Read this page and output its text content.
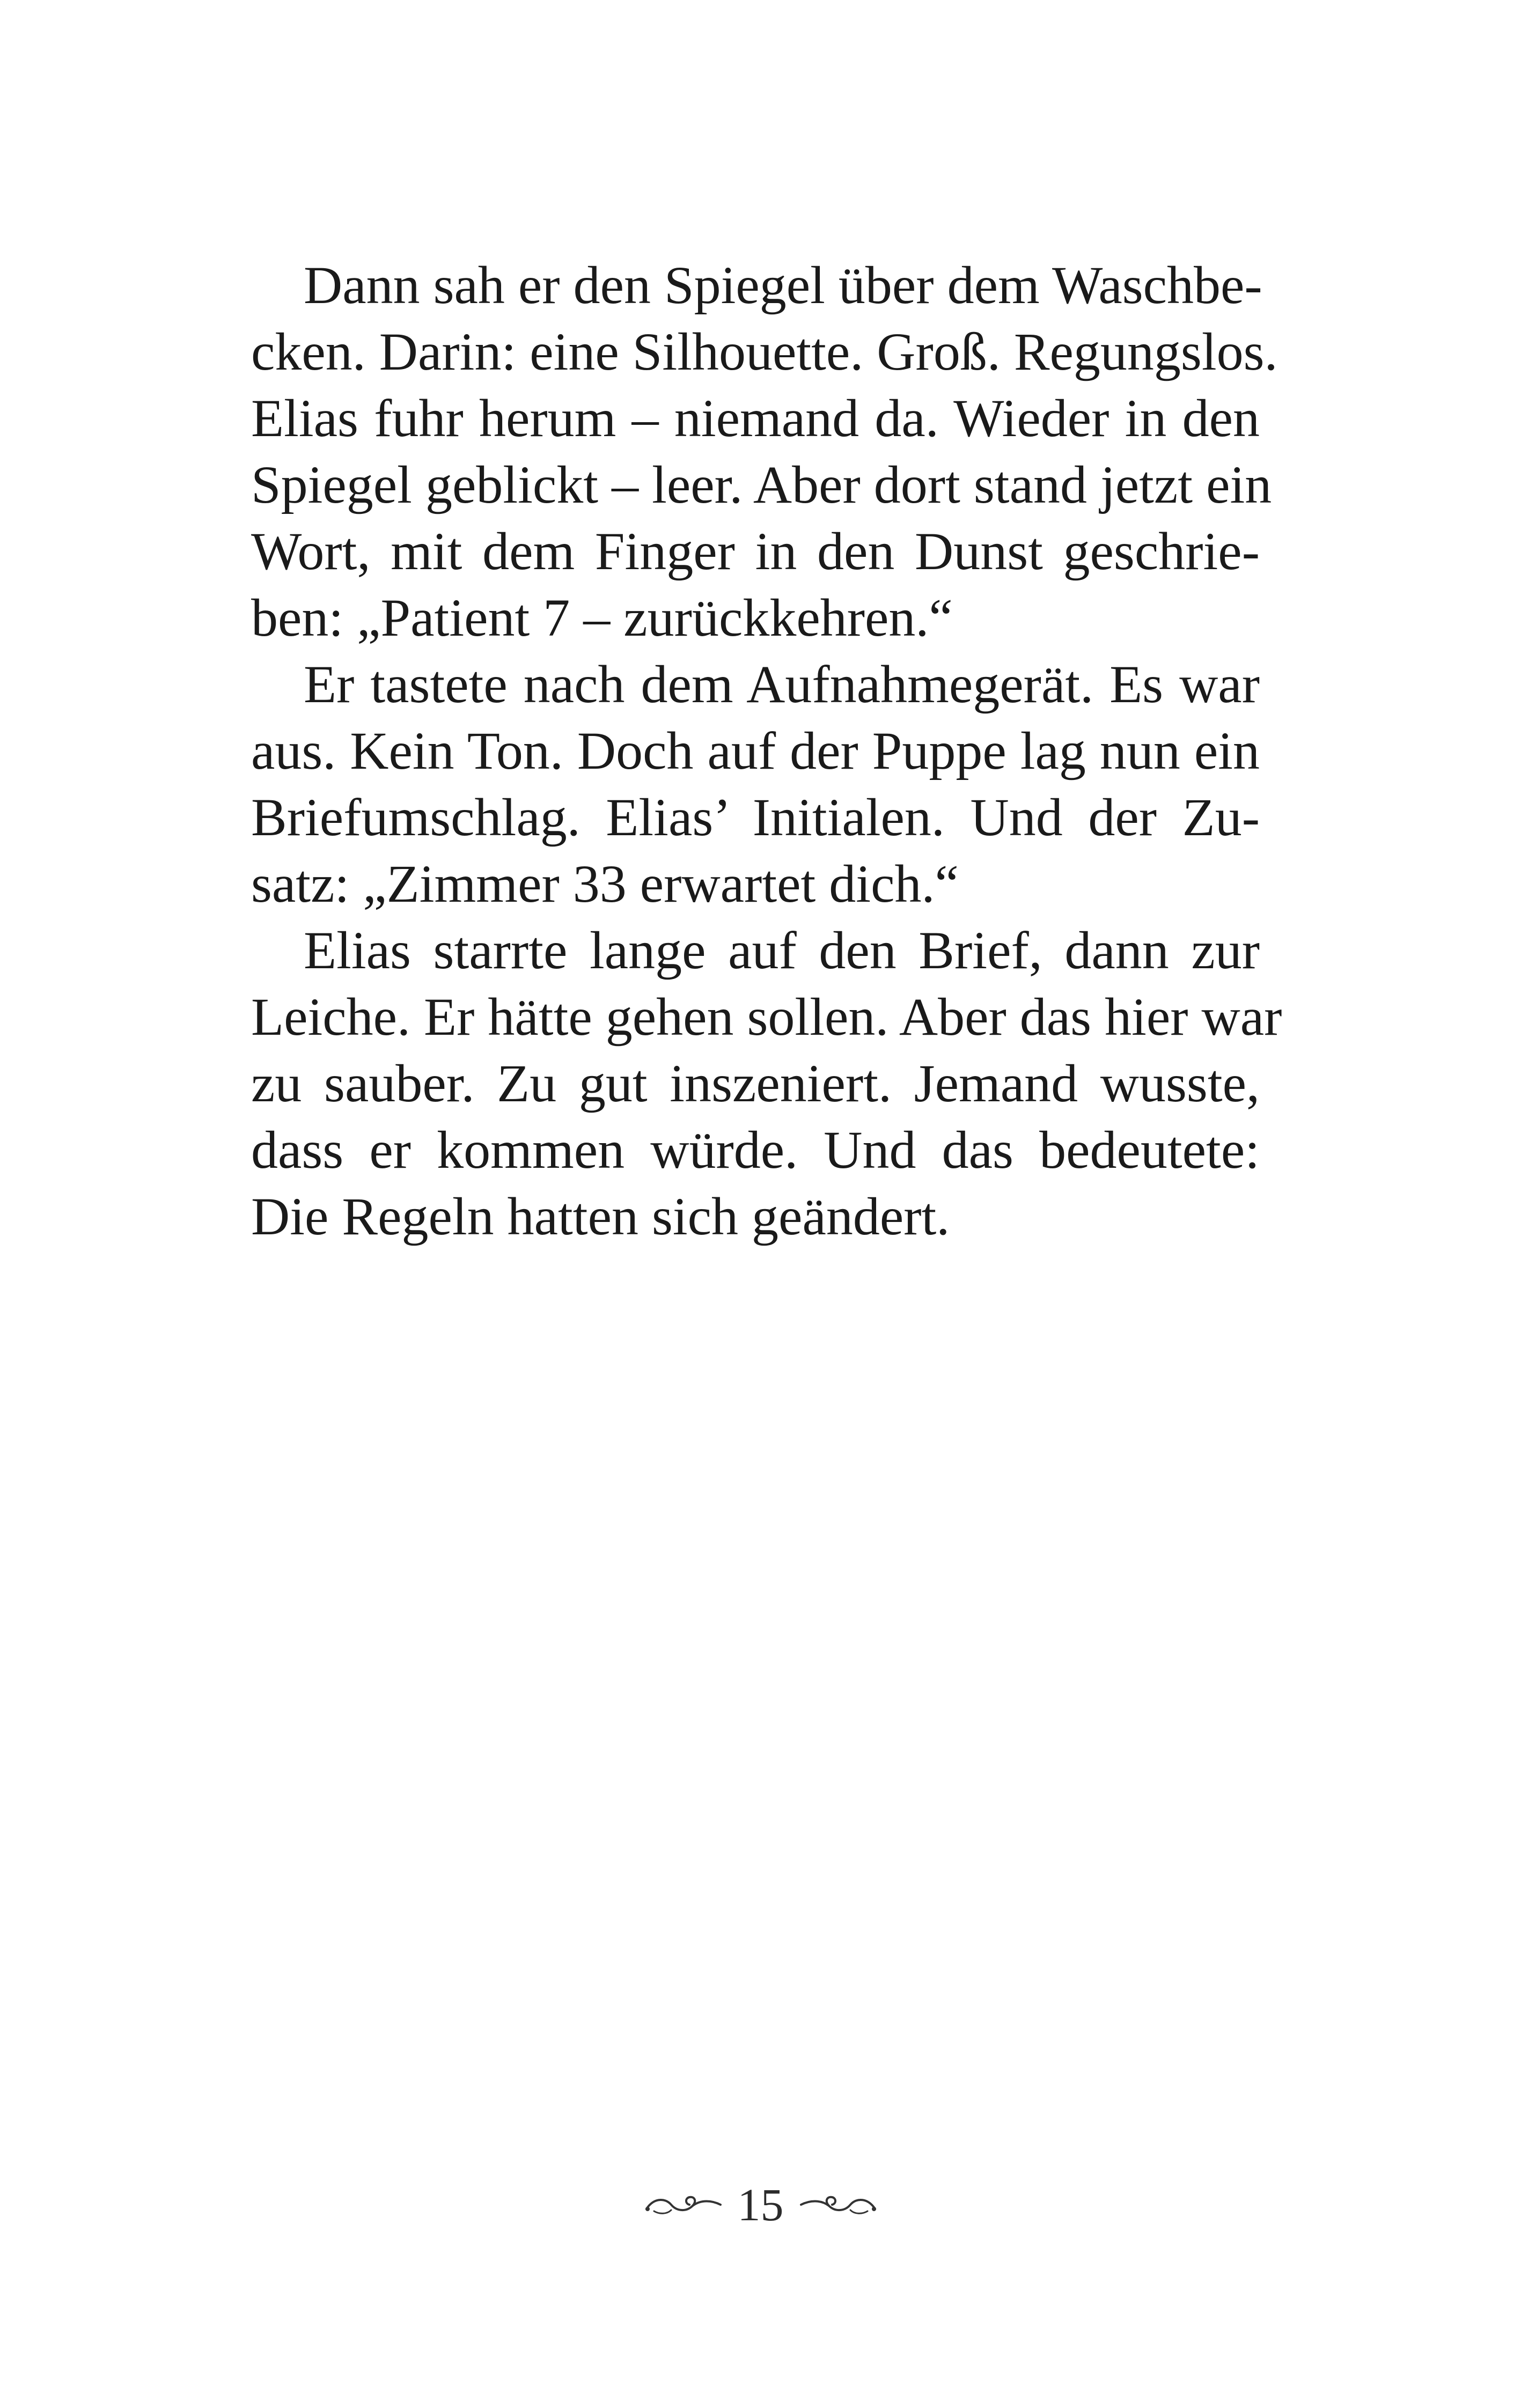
Dann sah er den Spiegel über dem Waschbe-
cken. Darin: eine Silhouette. Groß. Regungslos.
Elias fuhr herum – niemand da. Wieder in den
Spiegel geblickt – leer. Aber dort stand jetzt ein
Wort, mit dem Finger in den Dunst geschrie-
ben: „Patient 7 – zurückkehren.“

Er tastete nach dem Aufnahmegerät. Es war
aus. Kein Ton. Doch auf der Puppe lag nun ein
Briefumschlag. Elias’ Initialen. Und der Zu-
satz: „Zimmer 33 erwartet dich.“

Elias starrte lange auf den Brief, dann zur
Leiche. Er hätte gehen sollen. Aber das hier war
zu sauber. Zu gut inszeniert. Jemand wusste,
dass er kommen würde. Und das bedeutete:
Die Regeln hatten sich geändert.

15
